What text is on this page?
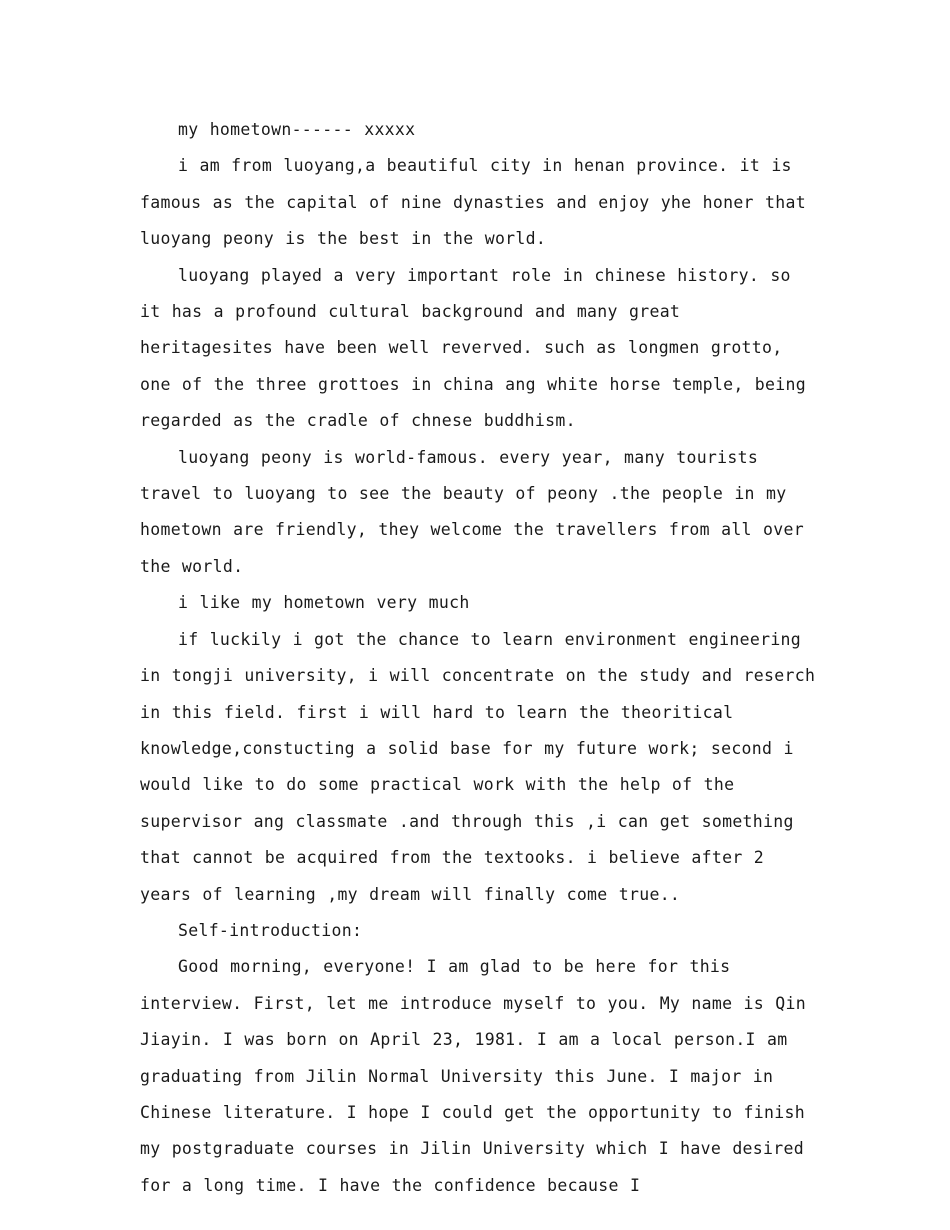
my hometown------ xxxxx

i am from luoyang,a beautiful city in henan province. it is famous as the capital of nine dynasties and enjoy yhe honer that luoyang peony is the best in the world.

luoyang played a very important role in chinese history. so it has a profound cultural background and many great heritagesites have been well reverved. such as longmen grotto, one of the three grottoes in china ang white horse temple, being regarded as the cradle of chnese buddhism.

luoyang peony is world-famous. every year, many tourists travel to luoyang to see the beauty of peony .the people in my hometown are friendly, they welcome the travellers from all over the world.

i like my hometown very much

if luckily i got the chance to learn environment engineering in tongji university, i will concentrate on the study and reserch in this field. first i will hard to learn the theoritical knowledge,constucting a solid base for my future work; second i would like to do some practical work with the help of the supervisor ang classmate .and through this ,i can get something that cannot be acquired from the textooks. i believe after 2 years of learning ,my dream will finally come true..

Self-introduction:

Good morning, everyone! I am glad to be here for this interview. First, let me introduce myself to you. My name is Qin Jiayin. I was born on April 23, 1981. I am a local person.I am graduating from Jilin Normal University this June. I major in Chinese literature. I hope I could get the opportunity to finish my postgraduate courses in Jilin University which I have desired for a long time. I have the confidence because I
